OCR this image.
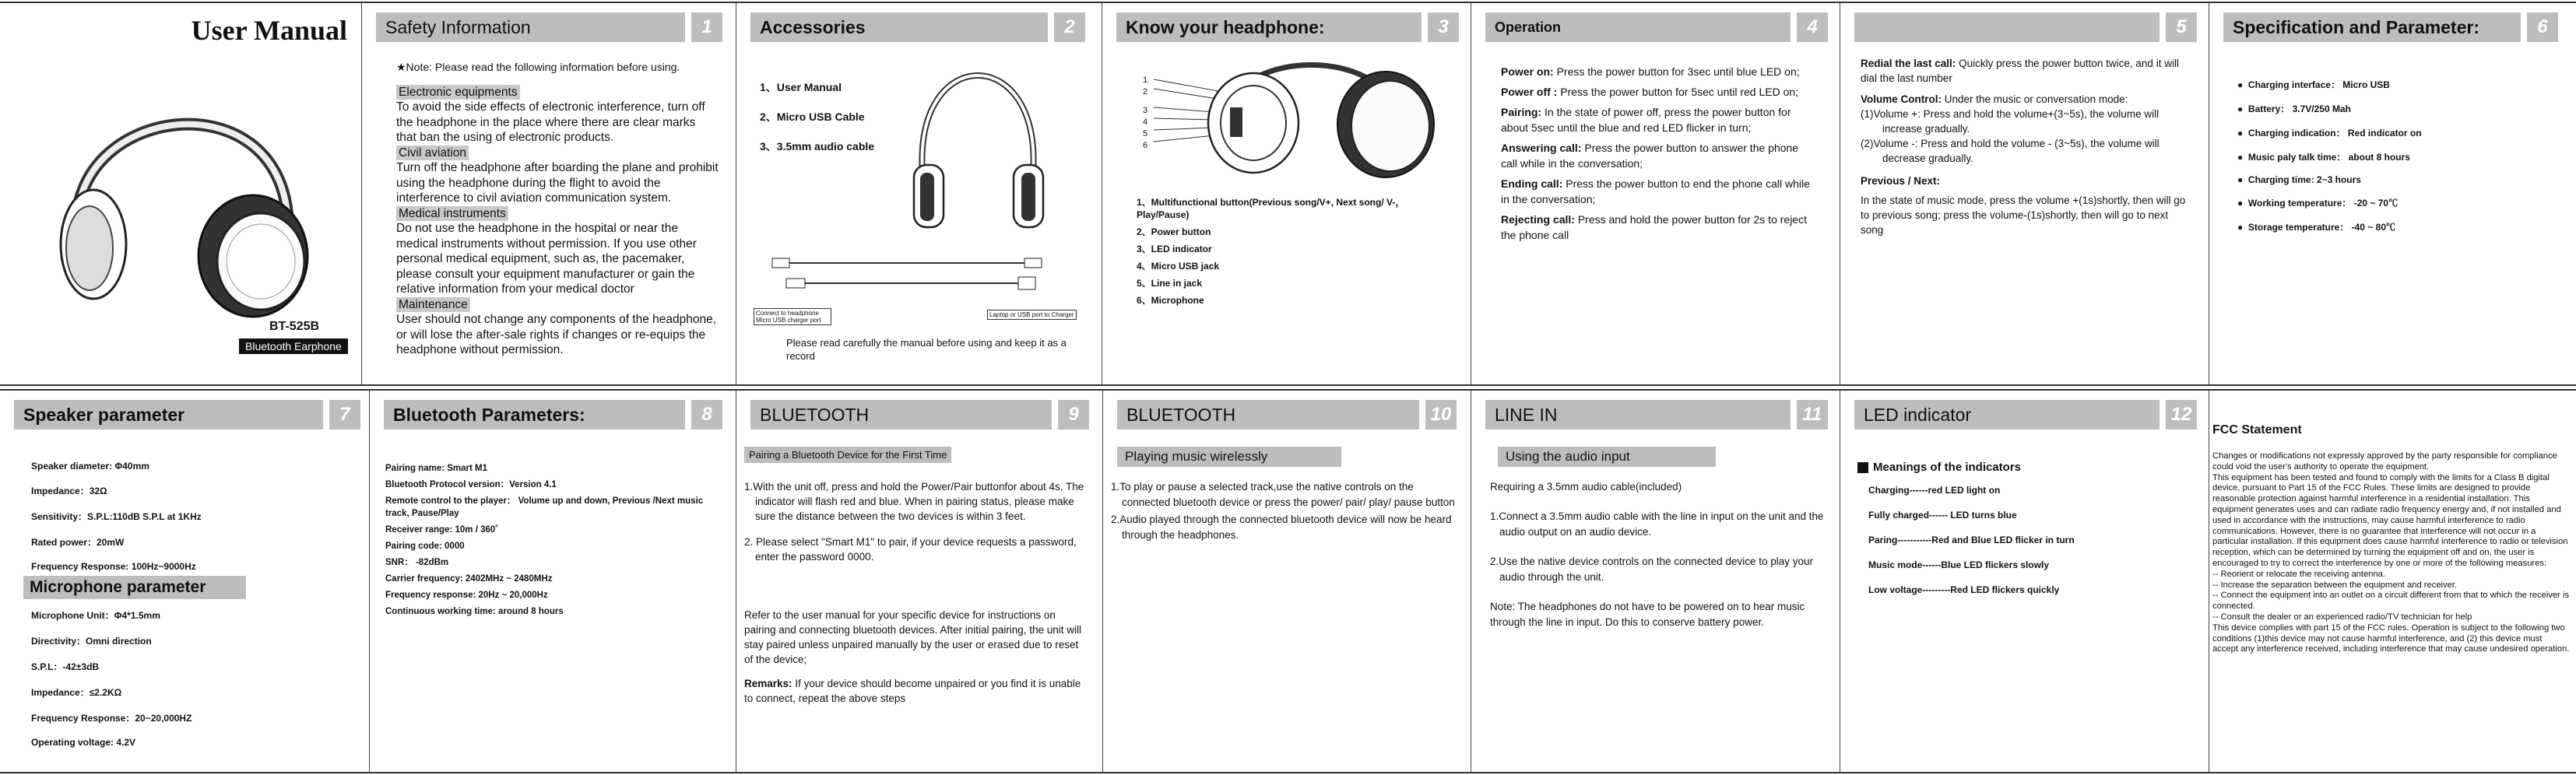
User Manual
BT-525B
Bluetooth Earphone
Safety Information	1
★Note: Please read the following information before using.
Electronic equipments
To avoid the side effects of electronic interference, turn off the headphone in the place where there are clear marks that ban the using of electronic products.
Civil aviation
Turn off the headphone after boarding the plane and prohibit using the headphone during the flight to avoid the interference to civil aviation communication system.
Medical instruments
Do not use the headphone in the hospital or near the medical instruments without permission. If you use other personal medical equipment, such as, the pacemaker, please consult your equipment manufacturer or gain the relative information from your medical doctor
Maintenance
User should not change any components of the headphone, or will lose the after-sale rights if changes or re-equips the headphone without permission.
Accessories	2
1、User Manual
2、Micro USB Cable
3、3.5mm audio cable
Connect to headphone Micro USB charger port
Laptop or USB port to Charger
Please read carefully the manual before using and keep it as a record
Know your headphone:	3
1
2
3
4
5
6
1、Multifunctional button(Previous song/V+, Next song/ V-，Play/Pause)
2、Power button
3、LED indicator
4、Micro USB jack
5、Line in jack
6、Microphone
Operation	4
Power on: Press the power button for 3sec until blue LED on;
Power off : Press the power button for 5sec until red LED on;
Pairing: In the state of power off, press the power button for about 5sec until the blue and red LED flicker in turn;
Answering call: Press the power button to answer the phone call while in the conversation;
Ending call: Press the power button to end the phone call while in the conversation;
Rejecting call: Press and hold the power button for 2s to reject the phone call
5
Redial the last call: Quickly press the power button twice, and it will dial the last number
Volume Control: Under the music or conversation mode:
(1)Volume +: Press and hold the volume+(3~5s), the volume will increase gradually.
(2)Volume -: Press and hold the volume - (3~5s), the volume will decrease gradually.
Previous / Next:
In the state of music mode, press the volume +(1s)shortly, then will go to previous song; press the volume-(1s)shortly, then will go to next song
Specification and Parameter:	6
●  Charging interface： Micro USB
●  Battery： 3.7V/250 Mah
●  Charging indication： Red indicator on
●  Music paly talk time： about 8 hours
●  Charging time: 2~3 hours
●  Working temperature： -20 ~ 70℃
●  Storage temperature： -40 ~ 80℃
Speaker parameter	7
Speaker diameter: Φ40mm
Impedance：32Ω
Sensitivity：S.P.L:110dB S.P.L at 1KHz
Rated power：20mW
Frequency Response: 100Hz~9000Hz
Microphone parameter
Microphone Unit：Φ4*1.5mm
Directivity：Omni direction
S.P.L：-42±3dB
Impedance：≤2.2KΩ
Frequency Response：20~20,000HZ
Operating voltage: 4.2V
Bluetooth Parameters:	8
Pairing name: Smart M1
Bluetooth Protocol version：Version 4.1
Remote control to the player： Volume up and down, Previous /Next music track, Pause/Play
Receiver range: 10m / 360˚
Pairing code: 0000
SNR： -82dBm
Carrier frequency: 2402MHz ~ 2480MHz
Frequency response: 20Hz ~ 20,000Hz
Continuous working time: around 8 hours
BLUETOOTH	9
Pairing a Bluetooth Device for the First Time
1.With the unit off, press and hold the Power/Pair buttonfor about 4s. The indicator will flash red and blue. When in pairing status, please make sure the distance between the two devices is within 3 feet.
2. Please select "Smart M1" to pair, if your device requests a password, enter the password 0000.
Refer to the user manual for your specific device for instructions on pairing and connecting bluetooth devices. After initial pairing, the unit will stay paired unless unpaired manually by the user or erased due to reset of the device;
Remarks: If your device should become unpaired or you find it is unable to connect, repeat the above steps
BLUETOOTH	10
Playing music wirelessly
1.To play or pause a selected track,use the native controls on the connected bluetooth device or press the power/ pair/ play/ pause button
2.Audio played through the connected bluetooth device will now be heard through the headphones.
LINE IN	11
Using the audio input
Requiring a 3.5mm audio cable(included)
1.Connect a 3.5mm audio cable with the line in input on the unit and the audio output on an audio device.
2.Use the native device controls on the connected device to play your audio through the unit.
Note: The headphones do not have to be powered on to hear music through the line in input. Do this to conserve battery power.
LED indicator	12
Meanings of the indicators
Charging------red LED light on
Fully charged------ LED turns blue
Paring-----------Red and Blue LED flicker in turn
Music mode------Blue LED flickers slowly
Low voltage---------Red LED flickers quickly
FCC Statement
Changes or modifications not expressly approved by the party responsible for compliance could void the user's authority to operate the equipment.
This equipment has been tested and found to comply with the limits for a Class B digital device, pursuant to Part 15 of the FCC Rules. These limits are designed to provide reasonable protection against harmful interference in a residential installation. This equipment generates uses and can radiate radio frequency energy and, if not installed and used in accordance with the instructions, may cause harmful interference to radio communications. However, there is no guarantee that interference will not occur in a particular installation. If this equipment does cause harmful interference to radio or television reception, which can be determined by turning the equipment off and on, the user is encouraged to try to correct the interference by one or more of the following measures:
-- Reorient or relocate the receiving antenna.
-- Increase the separation between the equipment and receiver.
-- Connect the equipment into an outlet on a circuit different from that to which the receiver is connected.
-- Consult the dealer or an experienced radio/TV technician for help
This device complies with part 15 of the FCC rules. Operation is subject to the following two conditions (1)this device may not cause harmful interference, and (2) this device must accept any interference received, including interference that may cause undesired operation.
